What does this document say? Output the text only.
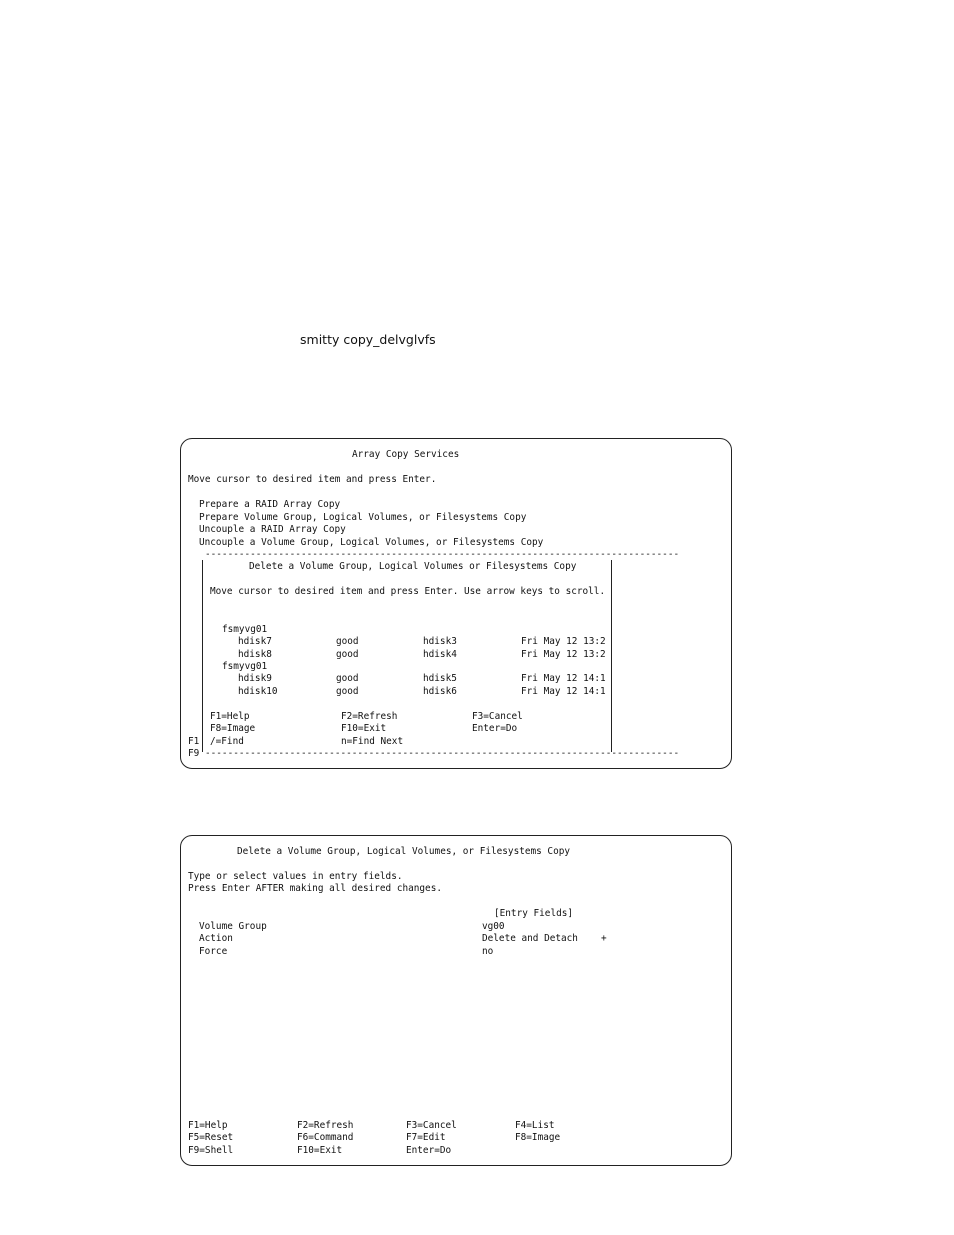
smitty copy_delvglvfs
Array Copy Services
Move cursor to desired item and press Enter.
Prepare a RAID Array Copy
Prepare Volume Group, Logical Volumes, or Filesystems Copy
Uncouple a RAID Array Copy
Uncouple a Volume Group, Logical Volumes, or Filesystems Copy
------------------------------------------------------------------------------------
Delete a Volume Group, Logical Volumes or Filesystems Copy
Move cursor to desired item and press Enter. Use arrow keys to scroll.
fsmyvg01
hdisk7	good	hdisk3	Fri May 12 13:2
hdisk8	good	hdisk4	Fri May 12 13:2
fsmyvg01
hdisk9	good	hdisk5	Fri May 12 14:1
hdisk10	good	hdisk6	Fri May 12 14:1
F1=Help	F2=Refresh	F3=Cancel
F8=Image	F10=Exit	Enter=Do
/=Find	n=Find Next
------------------------------------------------------------------------------------
F1
F9
Delete a Volume Group, Logical Volumes, or Filesystems Copy
Type or select values in entry fields.
Press Enter AFTER making all desired changes.
[Entry Fields]
Volume Group	vg00
Action	Delete and Detach +
Force	no
F1=Help	F2=Refresh	F3=Cancel	F4=List
F5=Reset	F6=Command	F7=Edit	F8=Image
F9=Shell	F10=Exit	Enter=Do
